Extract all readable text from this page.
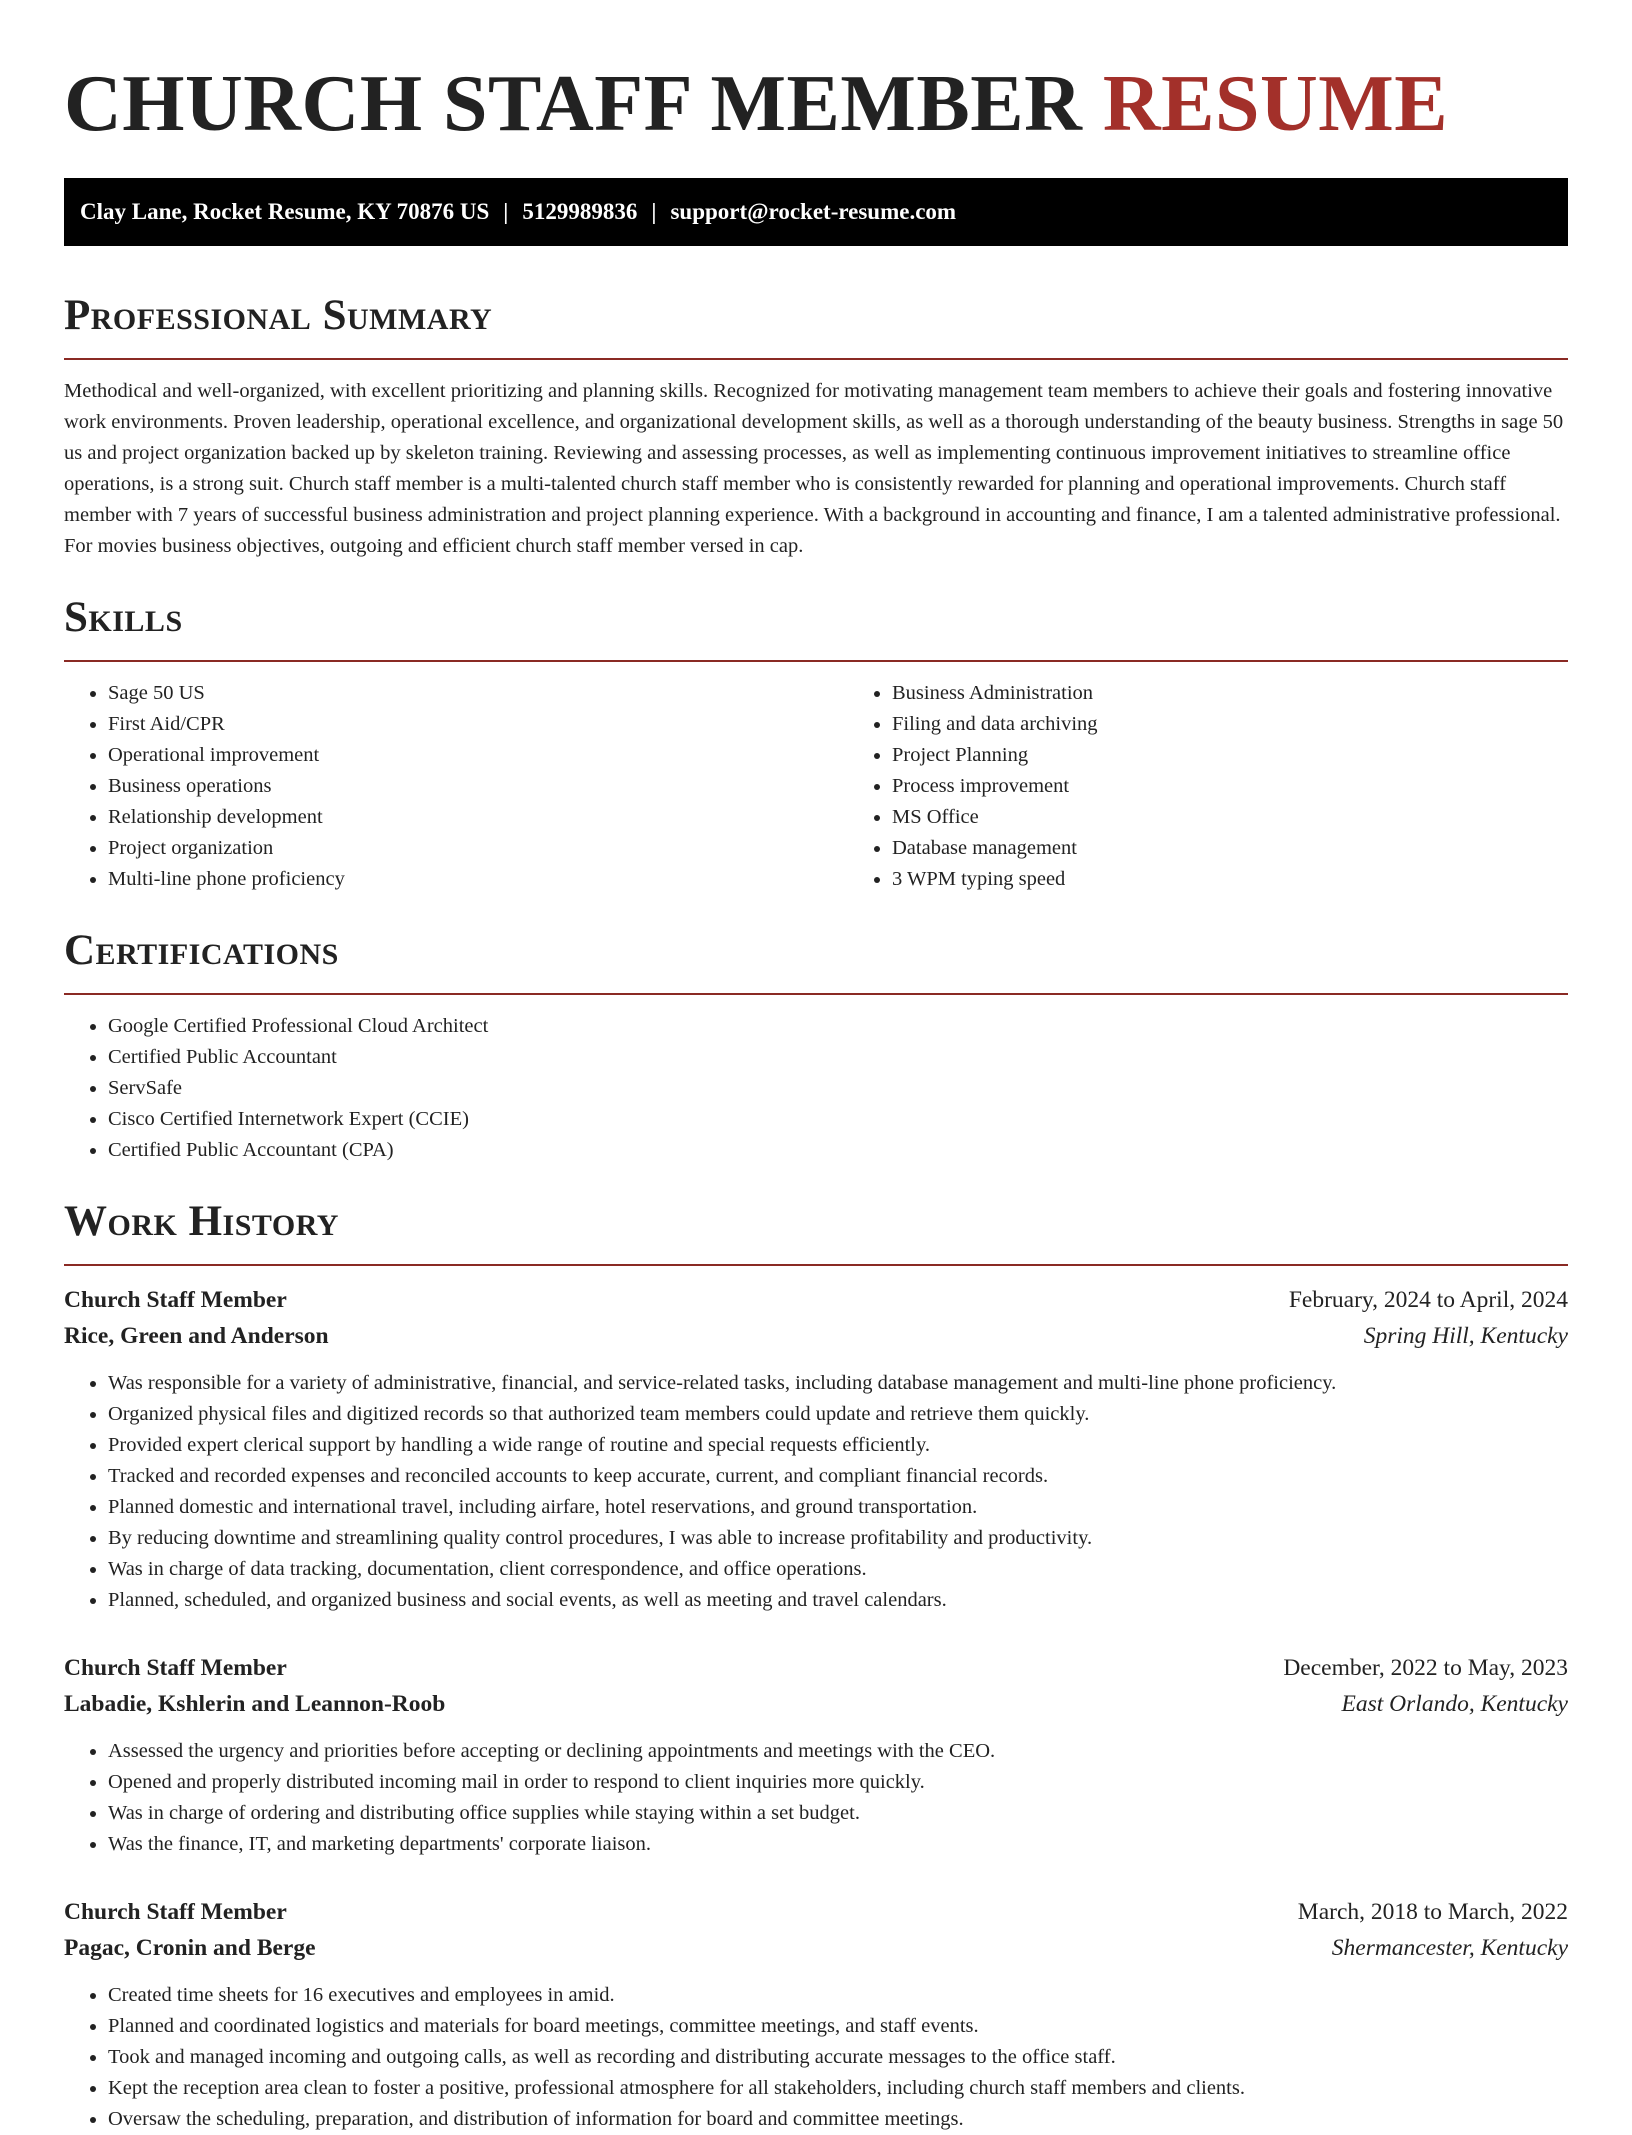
CHURCH STAFF MEMBER RESUME
Clay Lane, Rocket Resume, KY 70876 US | 5129989836 | support@rocket-resume.com
Professional Summary

Methodical and well-organized, with excellent prioritizing and planning skills. Recognized for motivating management team members to achieve their goals and fostering innovative work environments. Proven leadership, operational excellence, and organizational development skills, as well as a thorough understanding of the beauty business. Strengths in sage 50 us and project organization backed up by skeleton training. Reviewing and assessing processes, as well as implementing continuous improvement initiatives to streamline office operations, is a strong suit. Church staff member is a multi-talented church staff member who is consistently rewarded for planning and operational improvements. Church staff member with 7 years of successful business administration and project planning experience. With a background in accounting and finance, I am a talented administrative professional. For movies business objectives, outgoing and efficient church staff member versed in cap.

Skills
• Sage 50 US
• First Aid/CPR
• Operational improvement
• Business operations
• Relationship development
• Project organization
• Multi-line phone proficiency
• Business Administration
• Filing and data archiving
• Project Planning
• Process improvement
• MS Office
• Database management
• 3 WPM typing speed
Certifications
• Google Certified Professional Cloud Architect
• Certified Public Accountant
• ServSafe
• Cisco Certified Internetwork Expert (CCIE)
• Certified Public Accountant (CPA)
Work History
Church Staff Member	February, 2024 to April, 2024
Rice, Green and Anderson	Spring Hill, Kentucky
• Was responsible for a variety of administrative, financial, and service-related tasks, including database management and multi-line phone proficiency.
• Organized physical files and digitized records so that authorized team members could update and retrieve them quickly.
• Provided expert clerical support by handling a wide range of routine and special requests efficiently.
• Tracked and recorded expenses and reconciled accounts to keep accurate, current, and compliant financial records.
• Planned domestic and international travel, including airfare, hotel reservations, and ground transportation.
• By reducing downtime and streamlining quality control procedures, I was able to increase profitability and productivity.
• Was in charge of data tracking, documentation, client correspondence, and office operations.
• Planned, scheduled, and organized business and social events, as well as meeting and travel calendars.
Church Staff Member	December, 2022 to May, 2023
Labadie, Kshlerin and Leannon-Roob	East Orlando, Kentucky
• Assessed the urgency and priorities before accepting or declining appointments and meetings with the CEO.
• Opened and properly distributed incoming mail in order to respond to client inquiries more quickly.
• Was in charge of ordering and distributing office supplies while staying within a set budget.
• Was the finance, IT, and marketing departments' corporate liaison.
Church Staff Member	March, 2018 to March, 2022
Pagac, Cronin and Berge	Shermancester, Kentucky
• Created time sheets for 16 executives and employees in amid.
• Planned and coordinated logistics and materials for board meetings, committee meetings, and staff events.
• Took and managed incoming and outgoing calls, as well as recording and distributing accurate messages to the office staff.
• Kept the reception area clean to foster a positive, professional atmosphere for all stakeholders, including church staff members and clients.
• Oversaw the scheduling, preparation, and distribution of information for board and committee meetings.
